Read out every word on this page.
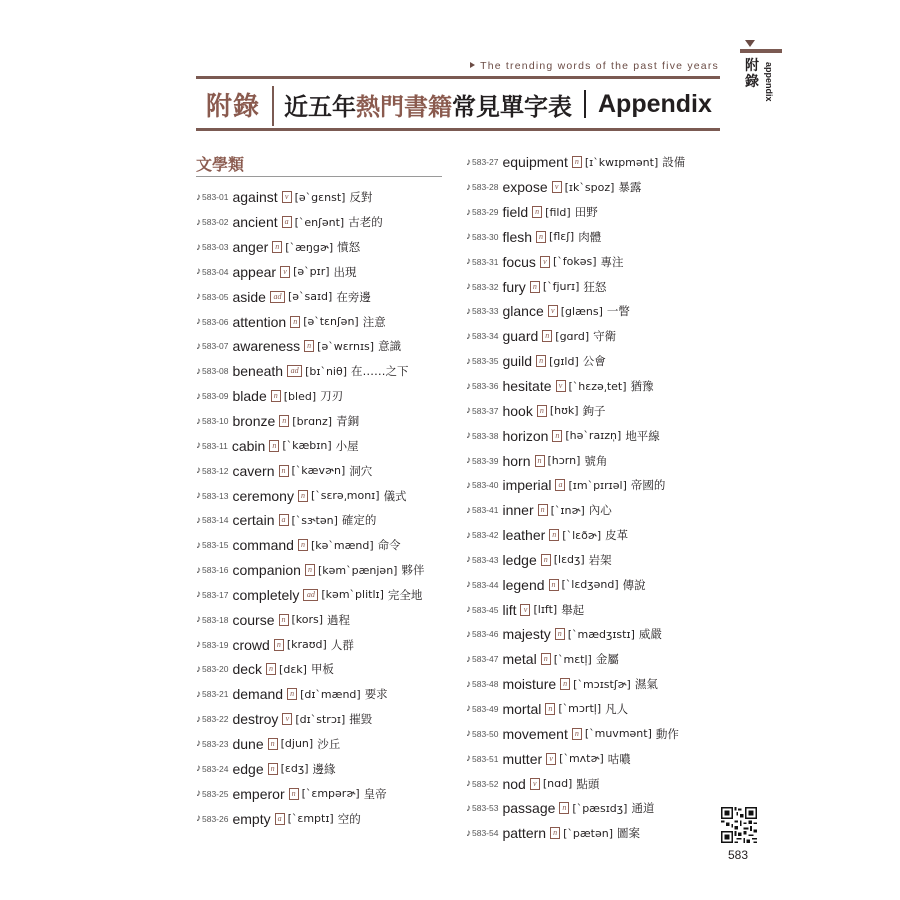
The trending words of the past five years
附錄	近五年 熱門書籍 常見單字表 Appendix
附錄 appendix
文學類
♪ 583-01 against v [ə`gɛnst] 反對
♪ 583-02 ancient a [`enʃənt] 古老的
♪ 583-03 anger n [`æŋgɚ] 憤怒
♪ 583-04 appear v [ə`pɪr] 出現
♪ 583-05 aside ad [ə`saɪd] 在旁邊
♪ 583-06 attention n [ə`tɛnʃən] 注意
♪ 583-07 awareness n [ə`wɛrnɪs] 意識
♪ 583-08 beneath ad [bɪ`niθ] 在……之下
♪ 583-09 blade n [bled] 刀刃
♪ 583-10 bronze n [brɑnz] 青銅
♪ 583-11 cabin n [`kæbɪn] 小屋
♪ 583-12 cavern n [`kævɚn] 洞穴
♪ 583-13 ceremony n [`sɛrə͵monɪ] 儀式
♪ 583-14 certain a [`sɝtən] 確定的
♪ 583-15 command n [kə`mænd] 命令
♪ 583-16 companion n [kəm`pænjən] 夥伴
♪ 583-17 completely ad [kəm`plitlɪ] 完全地
♪ 583-18 course n [kors] 過程
♪ 583-19 crowd n [kraʊd] 人群
♪ 583-20 deck n [dɛk] 甲板
♪ 583-21 demand n [dɪ`mænd] 要求
♪ 583-22 destroy v [dɪ`strɔɪ] 摧毀
♪ 583-23 dune n [djun] 沙丘
♪ 583-24 edge n [ɛdʒ] 邊緣
♪ 583-25 emperor n [`ɛmpərɚ] 皇帝
♪ 583-26 empty a [`ɛmptɪ] 空的
♪ 583-27 equipment n [ɪ`kwɪpmənt] 設備
♪ 583-28 expose v [ɪk`spoz] 暴露
♪ 583-29 field n [fild] 田野
♪ 583-30 flesh n [flɛʃ] 肉體
♪ 583-31 focus v [`fokəs] 專注
♪ 583-32 fury n [`fjurɪ] 狂怒
♪ 583-33 glance v [glæns] 一瞥
♪ 583-34 guard n [gɑrd] 守衛
♪ 583-35 guild n [gɪld] 公會
♪ 583-36 hesitate v [`hɛzə͵tet] 猶豫
♪ 583-37 hook n [hʊk] 鉤子
♪ 583-38 horizon n [hə`raɪzn̩] 地平線
♪ 583-39 horn n [hɔrn] 號角
♪ 583-40 imperial a [ɪm`pɪrɪəl] 帝國的
♪ 583-41 inner n [`ɪnɚ] 內心
♪ 583-42 leather n [`lɛðɚ] 皮革
♪ 583-43 ledge n [lɛdʒ] 岩架
♪ 583-44 legend n [`lɛdʒənd] 傳說
♪ 583-45 lift v [lɪft] 舉起
♪ 583-46 majesty n [`mædʒɪstɪ] 威嚴
♪ 583-47 metal n [`mɛtl̩] 金屬
♪ 583-48 moisture n [`mɔɪstʃɚ] 濕氣
♪ 583-49 mortal n [`mɔrtl̩] 凡人
♪ 583-50 movement n [`muvmənt] 動作
♪ 583-51 mutter v [`mʌtɚ] 咕噥
♪ 583-52 nod v [nɑd] 點頭
♪ 583-53 passage n [`pæsɪdʒ] 通道
♪ 583-54 pattern n [`pætən] 圖案
583
